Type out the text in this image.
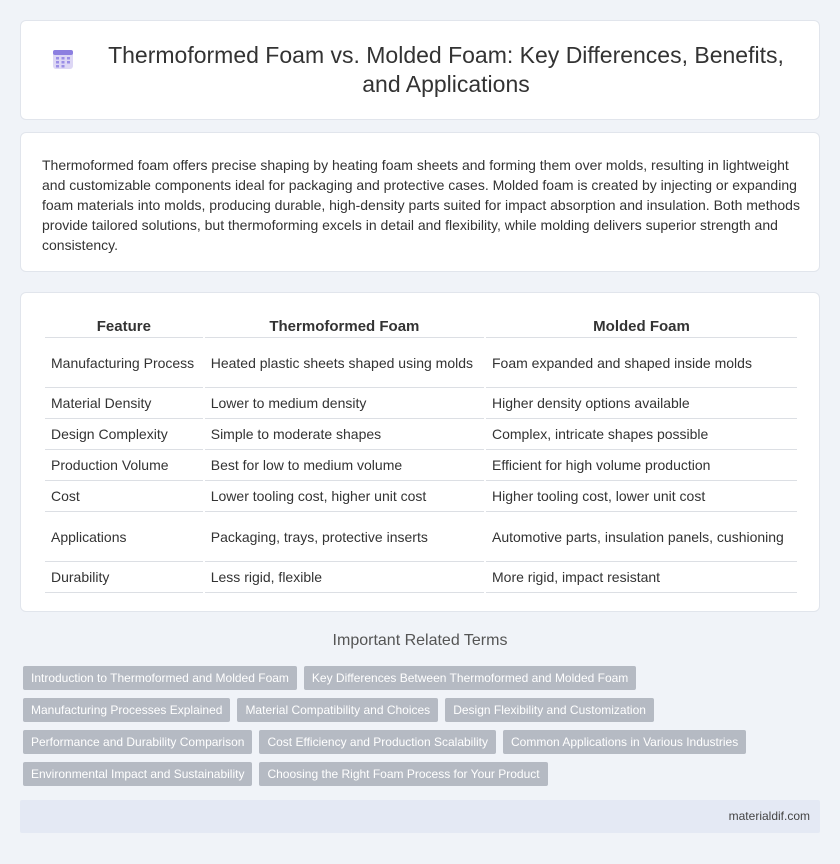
Thermoformed Foam vs. Molded Foam: Key Differences, Benefits, and Applications

Thermoformed foam offers precise shaping by heating foam sheets and forming them over molds, resulting in lightweight and customizable components ideal for packaging and protective cases. Molded foam is created by injecting or expanding foam materials into molds, producing durable, high-density parts suited for impact absorption and insulation. Both methods provide tailored solutions, but thermoforming excels in detail and flexibility, while molding delivers superior strength and consistency.

Feature	Thermoformed Foam	Molded Foam
Manufacturing Process	Heated plastic sheets shaped using molds	Foam expanded and shaped inside molds
Material Density	Lower to medium density	Higher density options available
Design Complexity	Simple to moderate shapes	Complex, intricate shapes possible
Production Volume	Best for low to medium volume	Efficient for high volume production
Cost	Lower tooling cost, higher unit cost	Higher tooling cost, lower unit cost
Applications	Packaging, trays, protective inserts	Automotive parts, insulation panels, cushioning
Durability	Less rigid, flexible	More rigid, impact resistant
Important Related Terms
Introduction to Thermoformed and Molded Foam	Key Differences Between Thermoformed and Molded Foam
Manufacturing Processes Explained	Material Compatibility and Choices	Design Flexibility and Customization
Performance and Durability Comparison	Cost Efficiency and Production Scalability	Common Applications in Various Industries
Environmental Impact and Sustainability	Choosing the Right Foam Process for Your Product
materialdif.com
